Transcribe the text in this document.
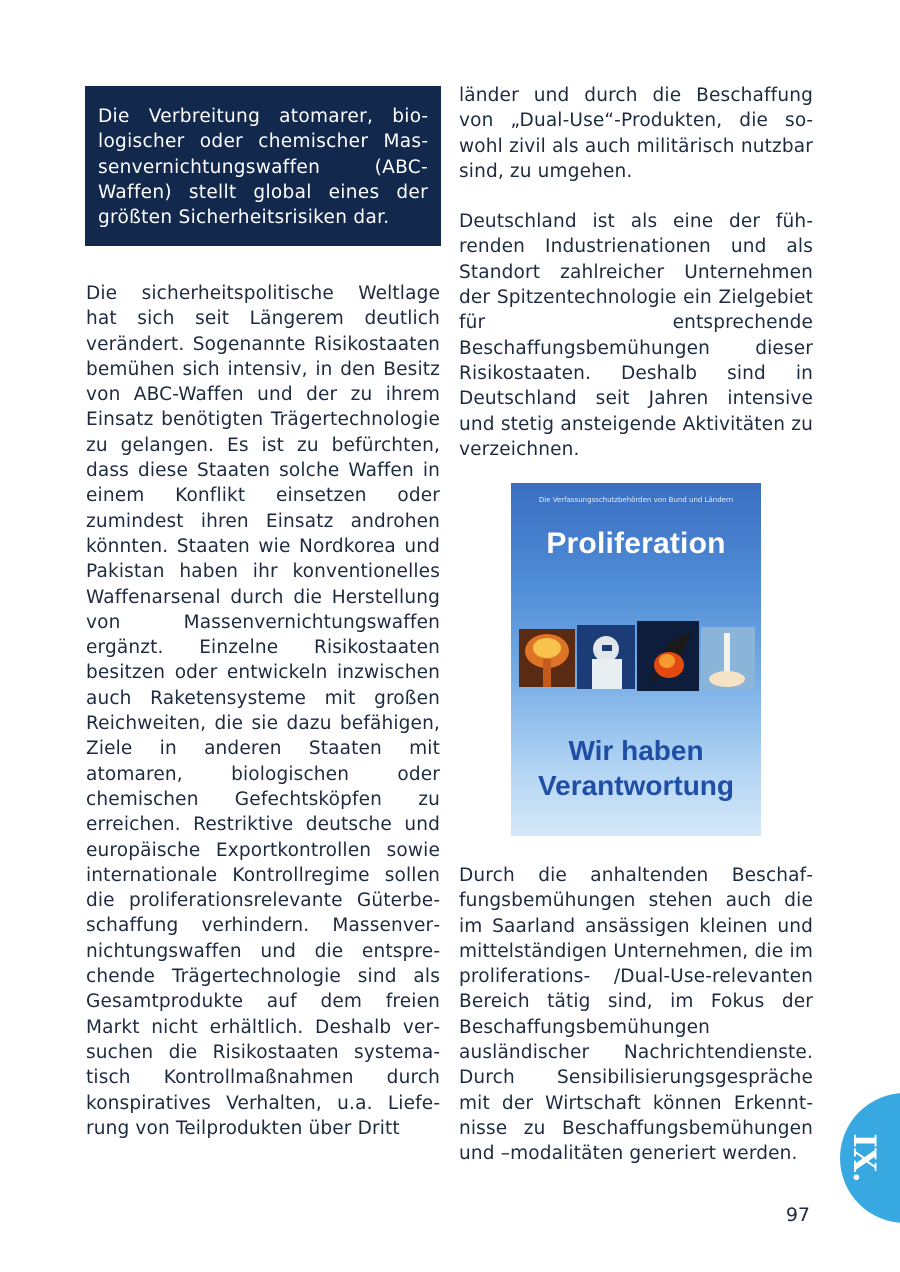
Die Verbreitung atomarer, biologischer oder chemischer Massenvernichtungswaffen (ABC-Waffen) stellt global eines der größten Sicherheitsrisiken dar.

Die sicherheitspolitische Weltlage hat sich seit Längerem deutlich verändert. Sogenannte Risikostaaten bemühen sich intensiv, in den Besitz von ABC-Waffen und der zu ihrem Einsatz benötigten Trägertechnologie zu gelangen. Es ist zu befürchten, dass diese Staaten solche Waffen in einem Konflikt einsetzen oder zumindest ihren Einsatz androhen könnten. Staaten wie Nordkorea und Pakistan haben ihr konventionelles Waffenarsenal durch die Herstellung von Massenvernichtungswaffen ergänzt. Einzelne Risikostaaten besitzen oder entwickeln inzwischen auch Raketensysteme mit großen Reichweiten, die sie dazu befähigen, Ziele in anderen Staaten mit atomaren, biologischen oder chemischen Gefechtsköpfen zu erreichen. Restriktive deutsche und europäische Exportkontrollen sowie internationale Kontrollregime sollen die proliferationsrelevante Güterbeschaffung verhindern. Massenvernichtungswaffen und die entsprechende Trägertechnologie sind als Gesamtprodukte auf dem freien Markt nicht erhältlich. Deshalb versuchen die Risikostaaten systematisch Kontrollmaßnahmen durch konspiratives Verhalten, u.a. Lieferung von Teilprodukten über Dritt

länder und durch die Beschaffung von „Dual-Use“-Produkten, die sowohl zivil als auch militärisch nutzbar sind, zu umgehen.

Deutschland ist als eine der führenden Industrienationen und als Standort zahlreicher Unternehmen der Spitzentechnologie ein Zielgebiet für entsprechende Beschaffungsbemühungen dieser Risikostaaten. Deshalb sind in Deutschland seit Jahren intensive und stetig ansteigende Aktivitäten zu verzeichnen.

Die Verfassungsschutzbehörden von Bund und Ländern
Proliferation
Wir haben
Verantwortung

Durch die anhaltenden Beschaffungsbemühungen stehen auch die im Saarland ansässigen kleinen und mittelständigen Unternehmen, die im proliferations- /Dual-Use-relevanten Bereich tätig sind, im Fokus der Beschaffungsbemühungen ausländischer Nachrichtendienste. Durch Sensibilisierungsgespräche mit der Wirtschaft können Erkenntnisse zu Beschaffungsbemühungen und –modalitäten generiert werden.	IX.
97
